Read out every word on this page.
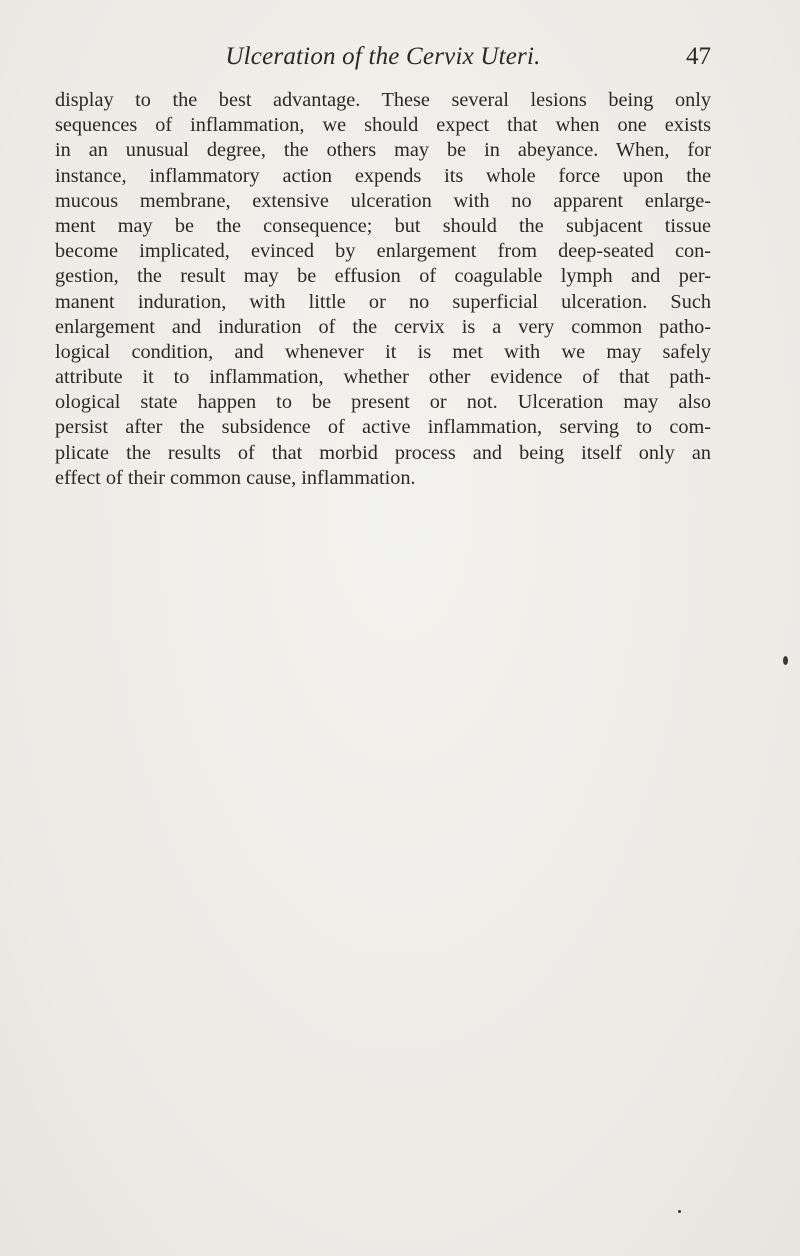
Ulceration of the Cervix Uteri.	47
display to the best advantage. These several lesions being only
sequences of inflammation, we should expect that when one exists
in an unusual degree, the others may be in abeyance. When, for
instance, inflammatory action expends its whole force upon the
mucous membrane, extensive ulceration with no apparent enlarge-
ment may be the consequence; but should the subjacent tissue
become implicated, evinced by enlargement from deep-seated con-
gestion, the result may be effusion of coagulable lymph and per-
manent induration, with little or no superficial ulceration. Such
enlargement and induration of the cervix is a very common patho-
logical condition, and whenever it is met with we may safely
attribute it to inflammation, whether other evidence of that path-
ological state happen to be present or not. Ulceration may also
persist after the subsidence of active inflammation, serving to com-
plicate the results of that morbid process and being itself only an
effect of their common cause, inflammation.
